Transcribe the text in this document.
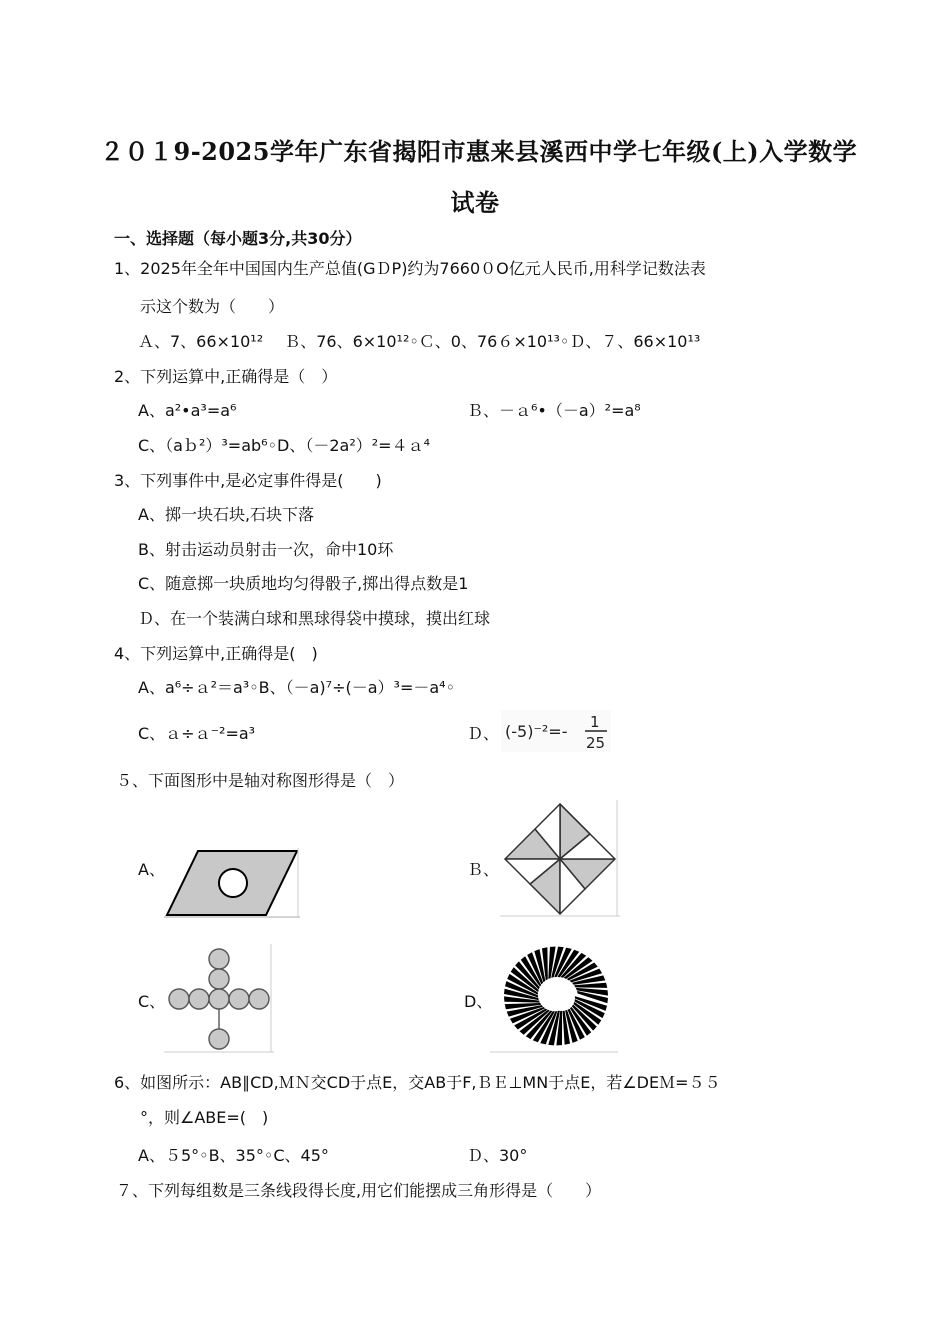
２０１9-2025学年广东省揭阳市惠来县溪西中学七年级(上)入学数学
试卷
一、选择题（每小题3分,共30分）
1、2025年全年中国国内生产总值(GＤP)约为7660０O亿元人民币,用科学记数法表
示这个数为（　　）
Ａ、7、66×10¹²　 Ｂ、76、6×10¹²◦Ｃ、0、76６×10¹³◦Ｄ、７、66×10¹³
2、下列运算中,正确得是（　）
A、a²•a³=a⁶	Ｂ、－ａ⁶•（－a）²=a⁸
C、（aｂ²）³=ab⁶◦D、（－2a²）²=４ａ⁴
3、下列事件中,是必定事件得是(　　)
A、掷一块石块,石块下落
B、射击运动员射击一次，命中10环
C、随意掷一块质地均匀得骰子,掷出得点数是1
Ｄ、在一个装满白球和黑球得袋中摸球，摸出红球
4、下列运算中,正确得是(　)
A、a⁶÷ａ²＝a³◦B、（－a)⁷÷(－a）³=－a⁴◦
C、ａ÷ａ⁻²=a³	Ｄ、 (-5)⁻²=- 1
25
５、下面图形中是轴对称图形得是（　）
A、	Ｂ、
C、	D、
6、如图所示：AB∥CD,ＭＮ交CD于点E，交AB于F,ＢＥ⊥MN于点E，若∠DEＭ=５５
°，则∠ABE=(　)
A、５5°◦B、35°◦C、45°	Ｄ、30°
７、下列每组数是三条线段得长度,用它们能摆成三角形得是（　　）
